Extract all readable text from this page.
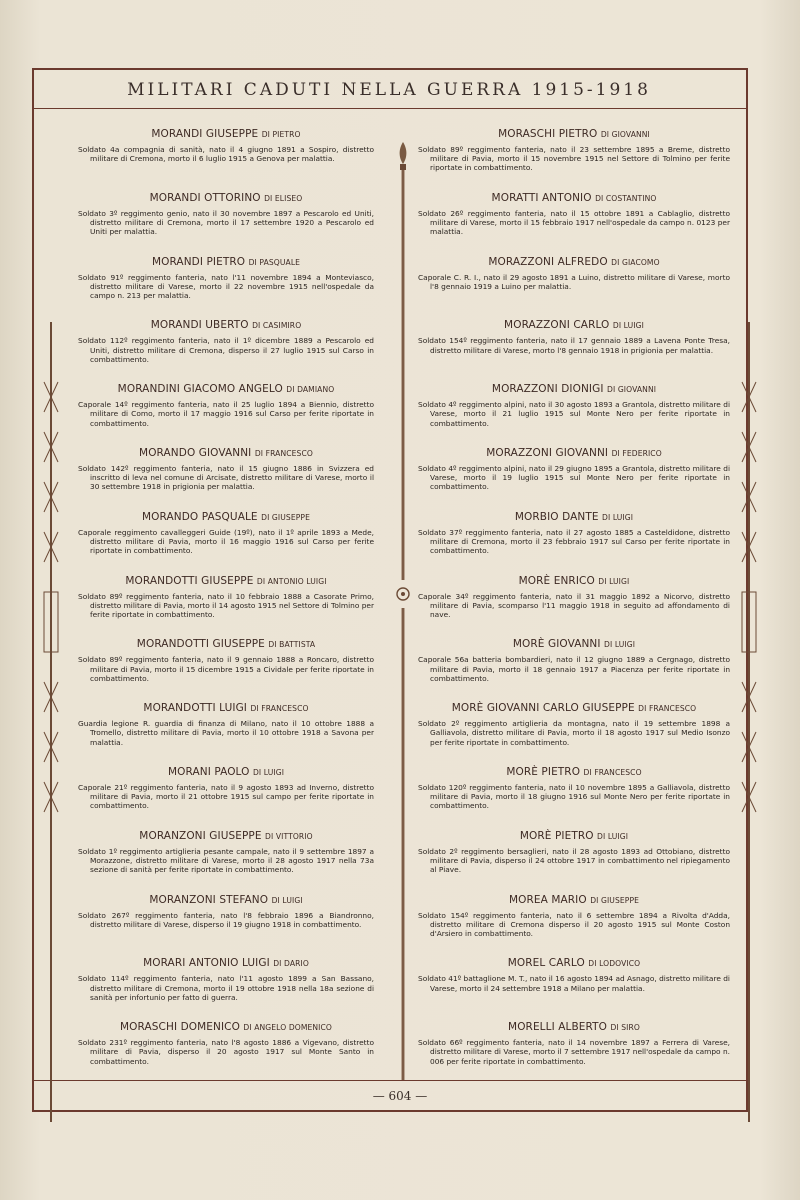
MILITARI CADUTI NELLA GUERRA 1915-1918
MORANDI GIUSEPPE DI PIETRO
Soldato 4a compagnia di sanità, nato il 4 giugno 1891 a Sospiro, distretto militare di Cremona, morto il 6 luglio 1915 a Genova per malattia.
MORANDI OTTORINO DI ELISEO
Soldato 3º reggimento genio, nato il 30 novembre 1897 a Pescarolo ed Uniti, distretto militare di Cremona, morto il 17 settembre 1920 a Pescarolo ed Uniti per malattia.
MORANDI PIETRO DI PASQUALE
Soldato 91º reggimento fanteria, nato l'11 novembre 1894 a Monteviasco, distretto militare di Varese, morto il 22 novembre 1915 nell'ospedale da campo n. 213 per malattia.
MORANDI UBERTO DI CASIMIRO
Soldato 112º reggimento fanteria, nato il 1º dicembre 1889 a Pescarolo ed Uniti, distretto militare di Cremona, disperso il 27 luglio 1915 sul Carso in combattimento.
MORANDINI GIACOMO ANGELO DI DAMIANO
Caporale 14º reggimento fanteria, nato il 25 luglio 1894 a Biennio, distretto militare di Como, morto il 17 maggio 1916 sul Carso per ferite riportate in combattimento.
MORANDO GIOVANNI DI FRANCESCO
Soldato 142º reggimento fanteria, nato il 15 giugno 1886 in Svizzera ed inscritto di leva nel comune di Arcisate, distretto militare di Varese, morto il 30 settembre 1918 in prigionia per malattia.
MORANDO PASQUALE DI GIUSEPPE
Caporale reggimento cavalleggeri Guide (19º), nato il 1º aprile 1893 a Mede, distretto militare di Pavia, morto il 16 maggio 1916 sul Carso per ferite riportate in combattimento.
MORANDOTTI GIUSEPPE DI ANTONIO LUIGI
Soldato 89º reggimento fanteria, nato il 10 febbraio 1888 a Casorate Primo, distretto militare di Pavia, morto il 14 agosto 1915 nel Settore di Tolmino per ferite riportate in combattimento.
MORANDOTTI GIUSEPPE DI BATTISTA
Soldato 89º reggimento fanteria, nato il 9 gennaio 1888 a Roncaro, distretto militare di Pavia, morto il 15 dicembre 1915 a Cividale per ferite riportate in combattimento.
MORANDOTTI LUIGI DI FRANCESCO
Guardia legione R. guardia di finanza di Milano, nato il 10 ottobre 1888 a Tromello, distretto militare di Pavia, morto il 10 ottobre 1918 a Savona per malattia.
MORANI PAOLO DI LUIGI
Caporale 21º reggimento fanteria, nato il 9 agosto 1893 ad Inverno, distretto militare di Pavia, morto il 21 ottobre 1915 sul campo per ferite riportate in combattimento.
MORANZONI GIUSEPPE DI VITTORIO
Soldato 1º reggimento artiglieria pesante campale, nato il 9 settembre 1897 a Morazzone, distretto militare di Varese, morto il 28 agosto 1917 nella 73a sezione di sanità per ferite riportate in combattimento.
MORANZONI STEFANO DI LUIGI
Soldato 267º reggimento fanteria, nato l'8 febbraio 1896 a Biandronno, distretto militare di Varese, disperso il 19 giugno 1918 in combattimento.
MORARI ANTONIO LUIGI DI DARIO
Soldato 114º reggimento fanteria, nato l'11 agosto 1899 a San Bassano, distretto militare di Cremona, morto il 19 ottobre 1918 nella 18a sezione di sanità per infortunio per fatto di guerra.
MORASCHI DOMENICO DI ANGELO DOMENICO
Soldato 231º reggimento fanteria, nato l'8 agosto 1886 a Vigevano, distretto militare di Pavia, disperso il 20 agosto 1917 sul Monte Santo in combattimento.
MORASCHI PIETRO DI GIOVANNI
Soldato 89º reggimento fanteria, nato il 23 settembre 1895 a Breme, distretto militare di Pavia, morto il 15 novembre 1915 nel Settore di Tolmino per ferite riportate in combattimento.
MORATTI ANTONIO DI COSTANTINO
Soldato 26º reggimento fanteria, nato il 15 ottobre 1891 a Cablaglio, distretto militare di Varese, morto il 15 febbraio 1917 nell'ospedale da campo n. 0123 per malattia.
MORAZZONI ALFREDO DI GIACOMO
Caporale C. R. I., nato il 29 agosto 1891 a Luino, distretto militare di Varese, morto l'8 gennaio 1919 a Luino per malattia.
MORAZZONI CARLO DI LUIGI
Soldato 154º reggimento fanteria, nato il 17 gennaio 1889 a Lavena Ponte Tresa, distretto militare di Varese, morto l'8 gennaio 1918 in prigionia per malattia.
MORAZZONI DIONIGI DI GIOVANNI
Soldato 4º reggimento alpini, nato il 30 agosto 1893 a Grantola, distretto militare di Varese, morto il 21 luglio 1915 sul Monte Nero per ferite riportate in combattimento.
MORAZZONI GIOVANNI DI FEDERICO
Soldato 4º reggimento alpini, nato il 29 giugno 1895 a Grantola, distretto militare di Varese, morto il 19 luglio 1915 sul Monte Nero per ferite riportate in combattimento.
MORBIO DANTE DI LUIGI
Soldato 37º reggimento fanteria, nato il 27 agosto 1885 a Casteldidone, distretto militare di Cremona, morto il 23 febbraio 1917 sul Carso per ferite riportate in combattimento.
MORÈ ENRICO DI LUIGI
Caporale 34º reggimento fanteria, nato il 31 maggio 1892 a Nicorvo, distretto militare di Pavia, scomparso l'11 maggio 1918 in seguito ad affondamento di nave.
MORÈ GIOVANNI DI LUIGI
Caporale 56a batteria bombardieri, nato il 12 giugno 1889 a Cergnago, distretto militare di Pavia, morto il 18 gennaio 1917 a Piacenza per ferite riportate in combattimento.
MORÈ GIOVANNI CARLO GIUSEPPE DI FRANCESCO
Soldato 2º reggimento artiglieria da montagna, nato il 19 settembre 1898 a Galliavola, distretto militare di Pavia, morto il 18 agosto 1917 sul Medio Isonzo per ferite riportate in combattimento.
MORÈ PIETRO DI FRANCESCO
Soldato 120º reggimento fanteria, nato il 10 novembre 1895 a Galliavola, distretto militare di Pavia, morto il 18 giugno 1916 sul Monte Nero per ferite riportate in combattimento.
MORÈ PIETRO DI LUIGI
Soldato 2º reggimento bersaglieri, nato il 28 agosto 1893 ad Ottobiano, distretto militare di Pavia, disperso il 24 ottobre 1917 in combattimento nel ripiegamento al Piave.
MOREA MARIO DI GIUSEPPE
Soldato 154º reggimento fanteria, nato il 6 settembre 1894 a Rivolta d'Adda, distretto militare di Cremona disperso il 20 agosto 1915 sul Monte Coston d'Arsiero in combattimento.
MOREL CARLO DI LODOVICO
Soldato 41º battaglione M. T., nato il 16 agosto 1894 ad Asnago, distretto militare di Varese, morto il 24 settembre 1918 a Milano per malattia.
MORELLI ALBERTO DI SIRO
Soldato 66º reggimento fanteria, nato il 14 novembre 1897 a Ferrera di Varese, distretto militare di Varese, morto il 7 settembre 1917 nell'ospedale da campo n. 006 per ferite riportate in combattimento.
— 604 —
